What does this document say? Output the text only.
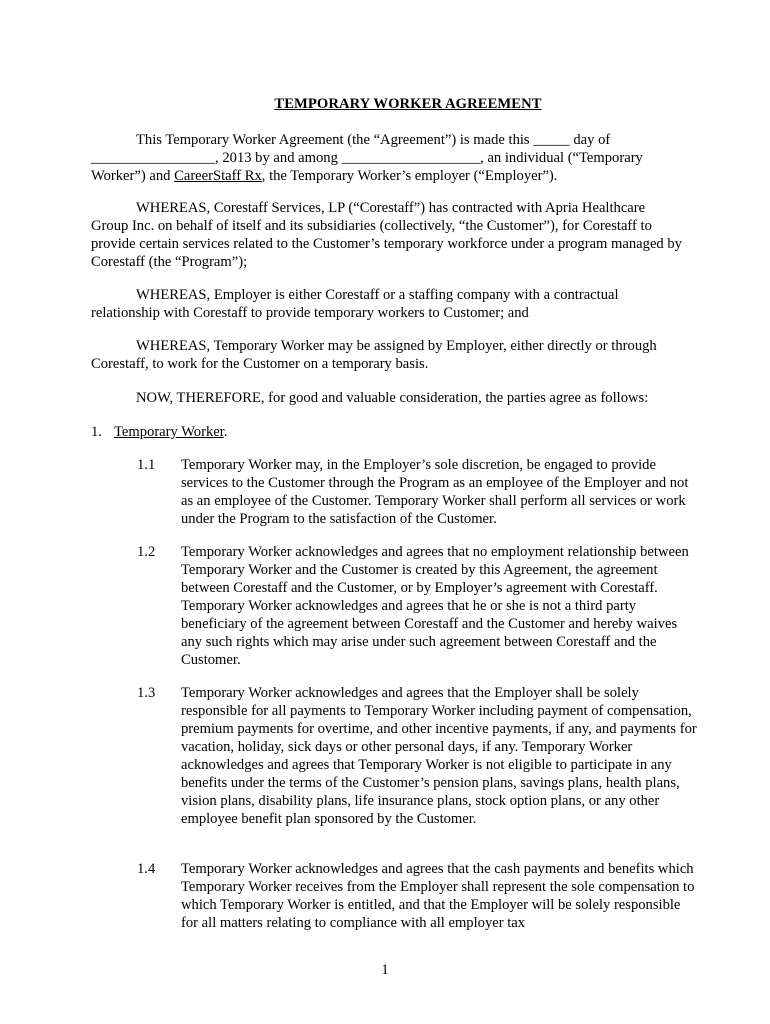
TEMPORARY WORKER AGREEMENT

This Temporary Worker Agreement (the “Agreement”) is made this _____ day of _________________, 2013 by and among ___________________, an individual (“Temporary Worker”) and CareerStaff Rx, the Temporary Worker’s employer (“Employer”).

WHEREAS, Corestaff Services, LP (“Corestaff”) has contracted with Apria Healthcare Group Inc. on behalf of itself and its subsidiaries (collectively, “the Customer”), for Corestaff to provide certain services related to the Customer’s temporary workforce under a program managed by Corestaff (the “Program”);

WHEREAS, Employer is either Corestaff or a staffing company with a contractual relationship with Corestaff to provide temporary workers to Customer; and

WHEREAS, Temporary Worker may be assigned by Employer, either directly or through Corestaff, to work for the Customer on a temporary basis.

NOW, THEREFORE, for good and valuable consideration, the parties agree as follows:

1. Temporary Worker.

1.1 Temporary Worker may, in the Employer’s sole discretion, be engaged to provide services to the Customer through the Program as an employee of the Employer and not as an employee of the Customer. Temporary Worker shall perform all services or work under the Program to the satisfaction of the Customer.
1.2 Temporary Worker acknowledges and agrees that no employment relationship between Temporary Worker and the Customer is created by this Agreement, the agreement between Corestaff and the Customer, or by Employer’s agreement with Corestaff. Temporary Worker acknowledges and agrees that he or she is not a third party beneficiary of the agreement between Corestaff and the Customer and hereby waives any such rights which may arise under such agreement between Corestaff and the Customer.
1.3 Temporary Worker acknowledges and agrees that the Employer shall be solely responsible for all payments to Temporary Worker including payment of compensation, premium payments for overtime, and other incentive payments, if any, and payments for vacation, holiday, sick days or other personal days, if any. Temporary Worker acknowledges and agrees that Temporary Worker is not eligible to participate in any benefits under the terms of the Customer’s pension plans, savings plans, health plans, vision plans, disability plans, life insurance plans, stock option plans, or any other employee benefit plan sponsored by the Customer.
1.4 Temporary Worker acknowledges and agrees that the cash payments and benefits which Temporary Worker receives from the Employer shall represent the sole compensation to which Temporary Worker is entitled, and that the Employer will be solely responsible for all matters relating to compliance with all employer tax
1
